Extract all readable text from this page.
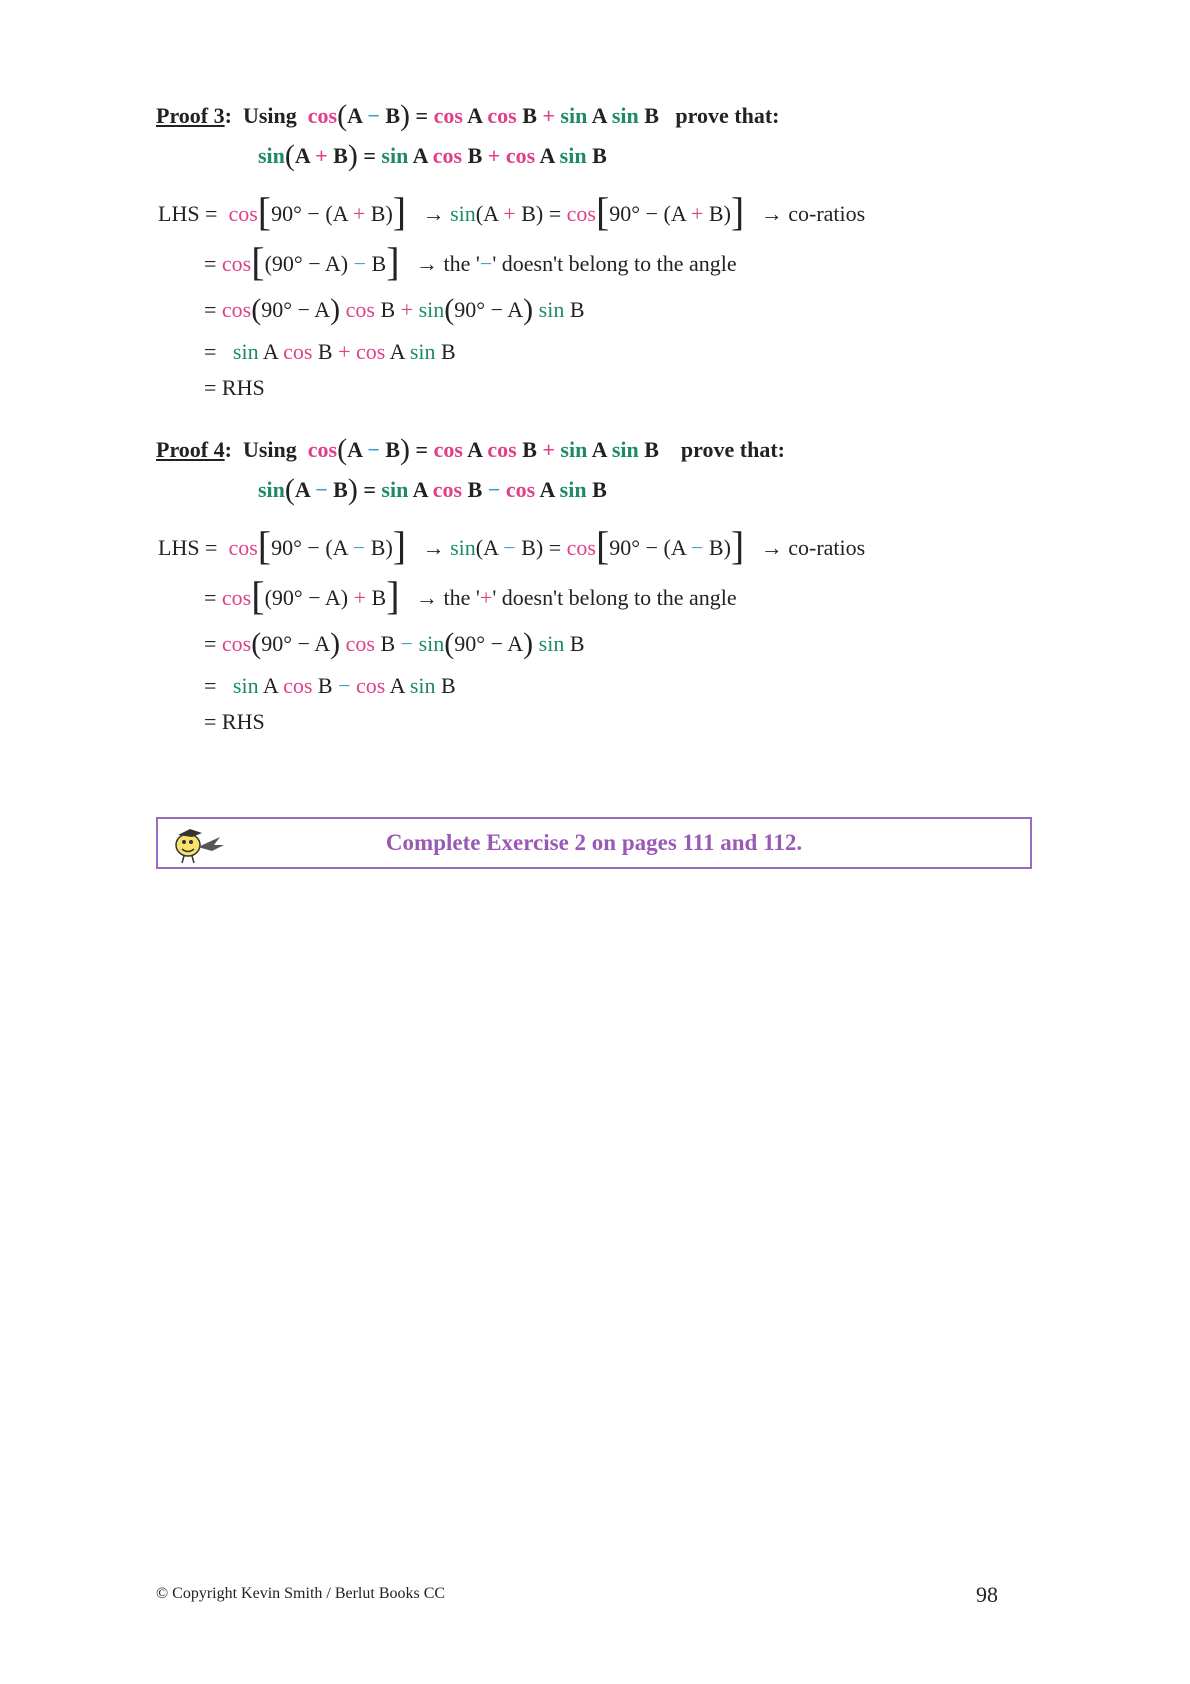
Proof 3:  Using cos(A − B) = cos A cos B + sin A sin B prove that:
sin(A + B) = sin A cos B + cos A sin B
LHS =  cos[90° − (A + B)]   → sin(A + B) = cos[90° − (A + B)]   → co-ratios
= cos[(90° − A) − B]   → the '−' doesn't belong to the angle
= cos(90° − A) cos B + sin(90° − A) sin B
=   sin A cos B + cos A sin B
= RHS
Proof 4:  Using cos(A − B) = cos A cos B + sin A sin B prove that:
sin(A − B) = sin A cos B − cos A sin B
LHS =  cos[90° − (A − B)]   → sin(A − B) = cos[90° − (A − B)]   → co-ratios
= cos[(90° − A) + B]   → the '+' doesn't belong to the angle
= cos(90° − A) cos B − sin(90° − A) sin B
=   sin A cos B − cos A sin B
= RHS
Complete Exercise 2 on pages 111 and 112.
© Copyright Kevin Smith / Berlut Books CC	98
